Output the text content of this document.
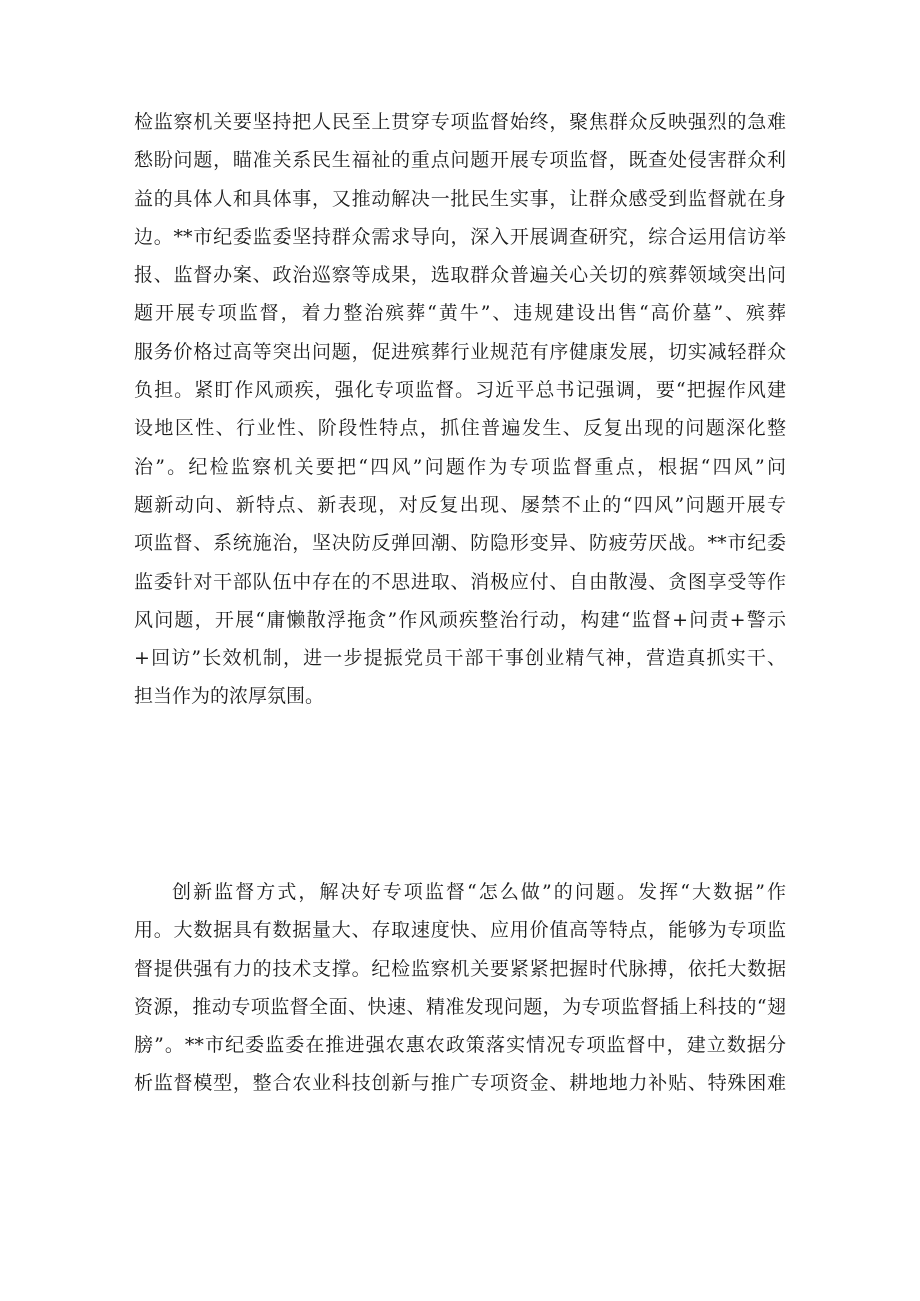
检监察机关要坚持把人民至上贯穿专项监督始终，聚焦群众反映强烈的急难
愁盼问题，瞄准关系民生福祉的重点问题开展专项监督，既查处侵害群众利
益的具体人和具体事，又推动解决一批民生实事，让群众感受到监督就在身
边。**市纪委监委坚持群众需求导向，深入开展调查研究，综合运用信访举
报、监督办案、政治巡察等成果，选取群众普遍关心关切的殡葬领域突出问
题开展专项监督，着力整治殡葬“黄牛”、违规建设出售“高价墓”、殡葬
服务价格过高等突出问题，促进殡葬行业规范有序健康发展，切实减轻群众
负担。紧盯作风顽疾，强化专项监督。习近平总书记强调，要“把握作风建
设地区性、行业性、阶段性特点，抓住普遍发生、反复出现的问题深化整
治”。纪检监察机关要把“四风”问题作为专项监督重点，根据“四风”问
题新动向、新特点、新表现，对反复出现、屡禁不止的“四风”问题开展专
项监督、系统施治，坚决防反弹回潮、防隐形变异、防疲劳厌战。**市纪委
监委针对干部队伍中存在的不思进取、消极应付、自由散漫、贪图享受等作
风问题，开展“庸懒散浮拖贪”作风顽疾整治行动，构建“监督+问责+警示
+回访”长效机制，进一步提振党员干部干事创业精气神，营造真抓实干、
担当作为的浓厚氛围。
创新监督方式，解决好专项监督“怎么做”的问题。发挥“大数据”作
用。大数据具有数据量大、存取速度快、应用价值高等特点，能够为专项监
督提供强有力的技术支撑。纪检监察机关要紧紧把握时代脉搏，依托大数据
资源，推动专项监督全面、快速、精准发现问题，为专项监督插上科技的“翅
膀”。**市纪委监委在推进强农惠农政策落实情况专项监督中，建立数据分
析监督模型，整合农业科技创新与推广专项资金、耕地地力补贴、特殊困难
